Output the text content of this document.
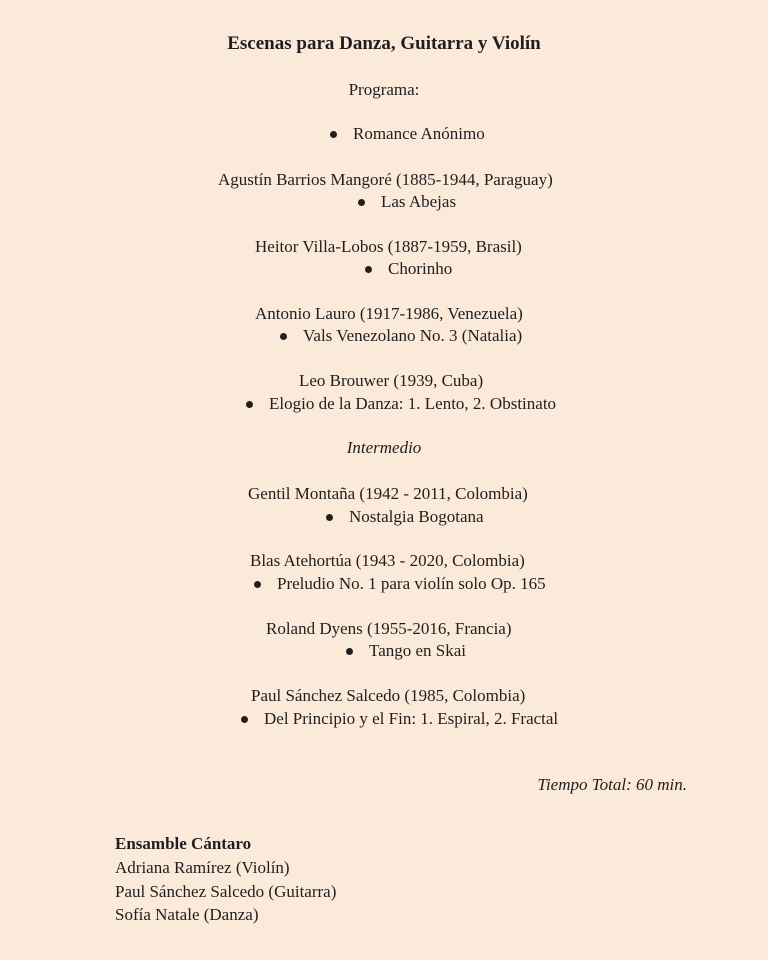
Escenas para Danza, Guitarra y Violín
Programa:
Romance Anónimo
Agustín Barrios Mangoré (1885-1944, Paraguay)
Las Abejas
Heitor Villa-Lobos (1887-1959, Brasil)
Chorinho
Antonio Lauro (1917-1986, Venezuela)
Vals Venezolano No. 3 (Natalia)
Leo Brouwer (1939, Cuba)
Elogio de la Danza: 1. Lento, 2. Obstinato
Intermedio
Gentil Montaña (1942 - 2011, Colombia)
Nostalgia Bogotana
Blas Atehortúa (1943 - 2020, Colombia)
Preludio No. 1 para violín solo Op. 165
Roland Dyens (1955-2016, Francia)
Tango en Skai
Paul Sánchez Salcedo (1985, Colombia)
Del Principio y el Fin: 1. Espiral, 2. Fractal
Tiempo Total: 60 min.
Ensamble Cántaro
Adriana Ramírez (Violín)
Paul Sánchez Salcedo (Guitarra)
Sofía Natale (Danza)
